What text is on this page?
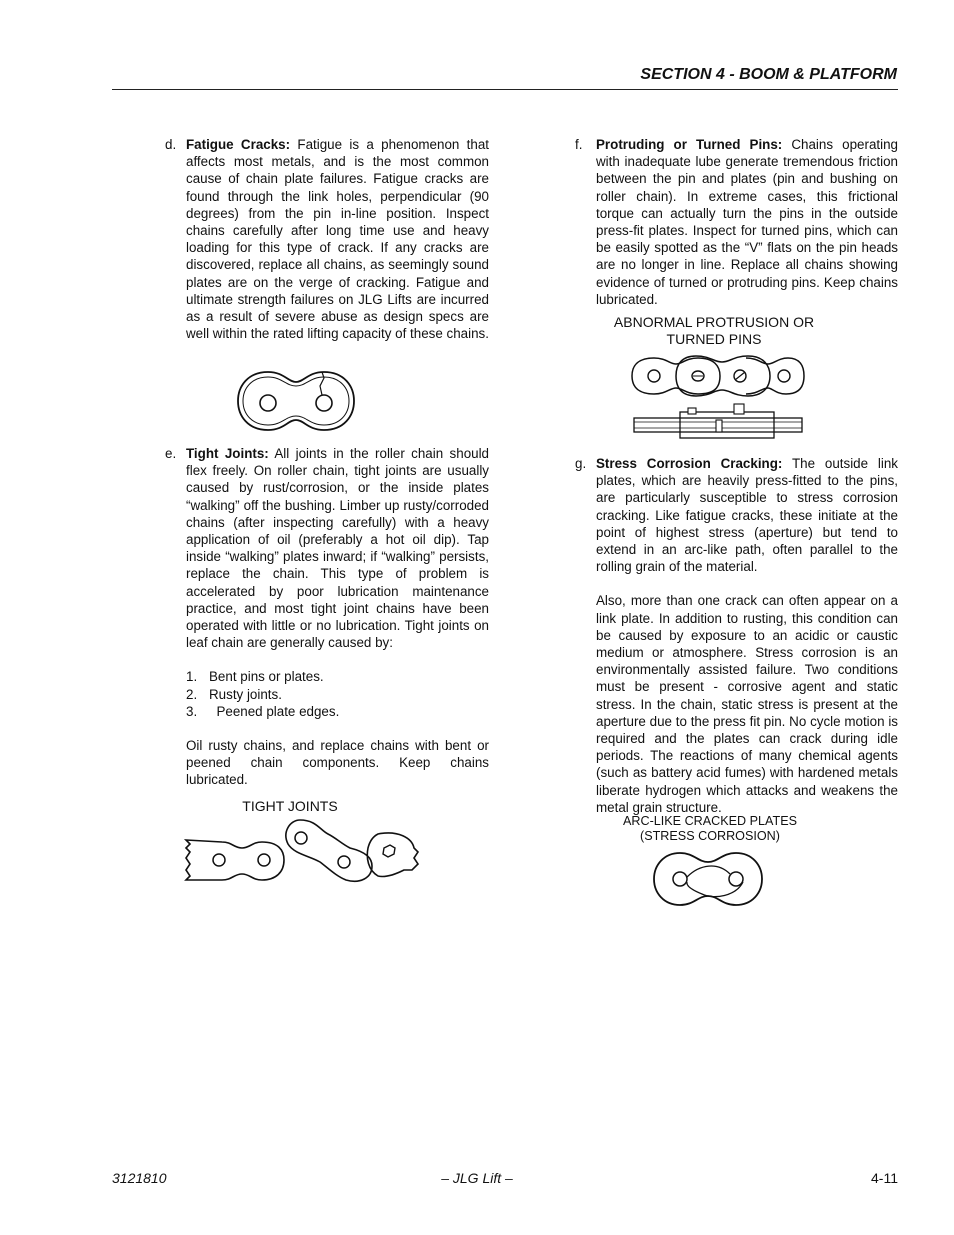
SECTION 4 - BOOM & PLATFORM
d. Fatigue Cracks: Fatigue is a phenomenon that affects most metals, and is the most common cause of chain plate failures. Fatigue cracks are found through the link holes, perpendicular (90 degrees) from the pin in-line position. Inspect chains carefully after long time use and heavy loading for this type of crack. If any cracks are discovered, replace all chains, as seemingly sound plates are on the verge of cracking. Fatigue and ultimate strength failures on JLG Lifts are incurred as a result of severe abuse as design specs are well within the rated lifting capacity of these chains.

e. Tight Joints: All joints in the roller chain should flex freely. On roller chain, tight joints are usually caused by rust/corrosion, or the inside plates “walking” off the bushing. Limber up rusty/corroded chains (after inspecting carefully) with a heavy application of oil (preferably a hot oil dip). Tap inside “walking” plates inward; if “walking” persists, replace the chain. This type of problem is accelerated by poor lubrication maintenance practice, and most tight joint chains have been operated with little or no lubrication. Tight joints on leaf chain are generally caused by:

1. Bent pins or plates.
2. Rusty joints.
3. Peened plate edges.

Oil rusty chains, and replace chains with bent or peened chain components. Keep chains lubricated.

TIGHT JOINTS
f. Protruding or Turned Pins: Chains operating with inadequate lube generate tremendous friction between the pin and plates (pin and bushing on roller chain). In extreme cases, this frictional torque can actually turn the pins in the outside press-fit plates. Inspect for turned pins, which can be easily spotted as the “V” flats on the pin heads are no longer in line. Replace all chains showing evidence of turned or protruding pins. Keep chains lubricated.

ABNORMAL PROTRUSION OR
TURNED PINS
g. Stress Corrosion Cracking: The outside link plates, which are heavily press-fitted to the pins, are particularly susceptible to stress corrosion cracking. Like fatigue cracks, these initiate at the point of highest stress (aperture) but tend to extend in an arc-like path, often parallel to the rolling grain of the material.

Also, more than one crack can often appear on a link plate. In addition to rusting, this condition can be caused by exposure to an acidic or caustic medium or atmosphere. Stress corrosion is an environmentally assisted failure. Two conditions must be present - corrosive agent and static stress. In the chain, static stress is present at the aperture due to the press fit pin. No cycle motion is required and the plates can crack during idle periods. The reactions of many chemical agents (such as battery acid fumes) with hardened metals liberate hydrogen which attacks and weakens the metal grain structure.

ARC-LIKE CRACKED PLATES
(STRESS CORROSION)
3121810	– JLG Lift –	4-11
